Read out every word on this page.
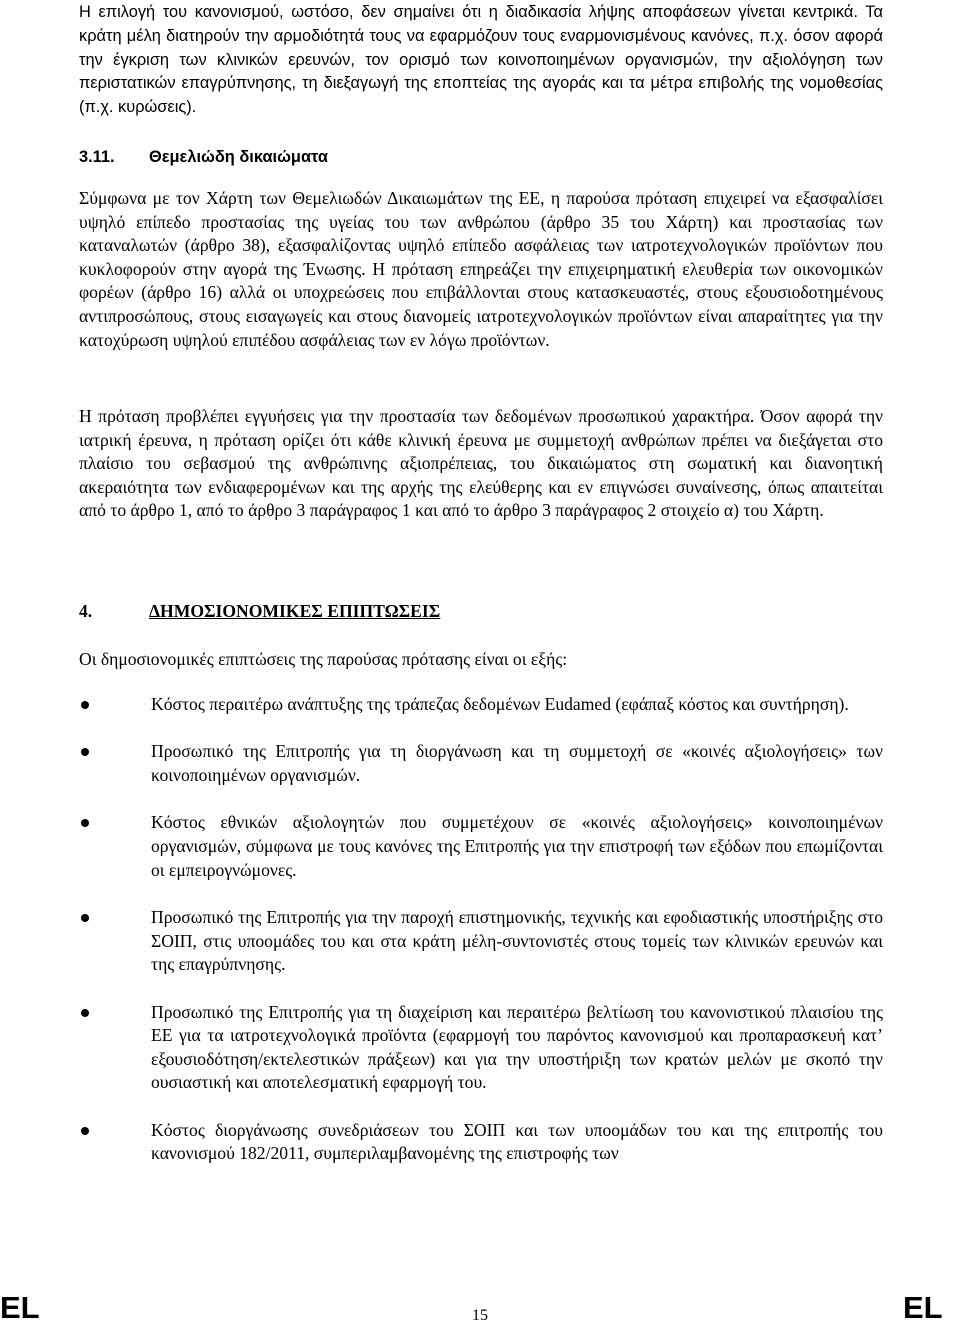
Η επιλογή του κανονισμού, ωστόσο, δεν σημαίνει ότι η διαδικασία λήψης αποφάσεων γίνεται κεντρικά. Τα κράτη μέλη διατηρούν την αρμοδιότητά τους να εφαρμόζουν τους εναρμονισμένους κανόνες, π.χ. όσον αφορά την έγκριση των κλινικών ερευνών, τον ορισμό των κοινοποιημένων οργανισμών, την αξιολόγηση των περιστατικών επαγρύπνησης, τη διεξαγωγή της εποπτείας της αγοράς και τα μέτρα επιβολής της νομοθεσίας (π.χ. κυρώσεις).

3.11. Θεμελιώδη δικαιώματα

Σύμφωνα με τον Χάρτη των Θεμελιωδών Δικαιωμάτων της ΕΕ, η παρούσα πρόταση επιχειρεί να εξασφαλίσει υψηλό επίπεδο προστασίας της υγείας του των ανθρώπου (άρθρο 35 του Χάρτη) και προστασίας των καταναλωτών (άρθρο 38), εξασφαλίζοντας υψηλό επίπεδο ασφάλειας των ιατροτεχνολογικών προϊόντων που κυκλοφορούν στην αγορά της Ένωσης. Η πρόταση επηρεάζει την επιχειρηματική ελευθερία των οικονομικών φορέων (άρθρο 16) αλλά οι υποχρεώσεις που επιβάλλονται στους κατασκευαστές, στους εξουσιοδοτημένους αντιπροσώπους, στους εισαγωγείς και στους διανομείς ιατροτεχνολογικών προϊόντων είναι απαραίτητες για την κατοχύρωση υψηλού επιπέδου ασφάλειας των εν λόγω προϊόντων.

Η πρόταση προβλέπει εγγυήσεις για την προστασία των δεδομένων προσωπικού χαρακτήρα. Όσον αφορά την ιατρική έρευνα, η πρόταση ορίζει ότι κάθε κλινική έρευνα με συμμετοχή ανθρώπων πρέπει να διεξάγεται στο πλαίσιο του σεβασμού της ανθρώπινης αξιοπρέπειας, του δικαιώματος στη σωματική και διανοητική ακεραιότητα των ενδιαφερομένων και της αρχής της ελεύθερης και εν επιγνώσει συναίνεσης, όπως απαιτείται από το άρθρο 1, από το άρθρο 3 παράγραφος 1 και από το άρθρο 3 παράγραφος 2 στοιχείο α) του Χάρτη.

4.	ΔΗΜΟΣΙΟΝΟΜΙΚΕΣ ΕΠΙΠΤΩΣΕΙΣ

Οι δημοσιονομικές επιπτώσεις της παρούσας πρότασης είναι οι εξής:

Κόστος περαιτέρω ανάπτυξης της τράπεζας δεδομένων Eudamed (εφάπαξ κόστος και συντήρηση).

Προσωπικό της Επιτροπής για τη διοργάνωση και τη συμμετοχή σε «κοινές αξιολογήσεις» των κοινοποιημένων οργανισμών.

Κόστος εθνικών αξιολογητών που συμμετέχουν σε «κοινές αξιολογήσεις» κοινοποιημένων οργανισμών, σύμφωνα με τους κανόνες της Επιτροπής για την επιστροφή των εξόδων που επωμίζονται οι εμπειρογνώμονες.

Προσωπικό της Επιτροπής για την παροχή επιστημονικής, τεχνικής και εφοδιαστικής υποστήριξης στο ΣΟΙΠ, στις υποομάδες του και στα κράτη μέλη-συντονιστές στους τομείς των κλινικών ερευνών και της επαγρύπνησης.

Προσωπικό της Επιτροπής για τη διαχείριση και περαιτέρω βελτίωση του κανονιστικού πλαισίου της ΕΕ για τα ιατροτεχνολογικά προϊόντα (εφαρμογή του παρόντος κανονισμού και προπαρασκευή κατ’ εξουσιοδότηση/εκτελεστικών πράξεων) και για την υποστήριξη των κρατών μελών με σκοπό την ουσιαστική και αποτελεσματική εφαρμογή του.

Κόστος διοργάνωσης συνεδριάσεων του ΣΟΙΠ και των υποομάδων του και της επιτροπής του κανονισμού 182/2011, συμπεριλαμβανομένης της επιστροφής των

EL	15	EL
